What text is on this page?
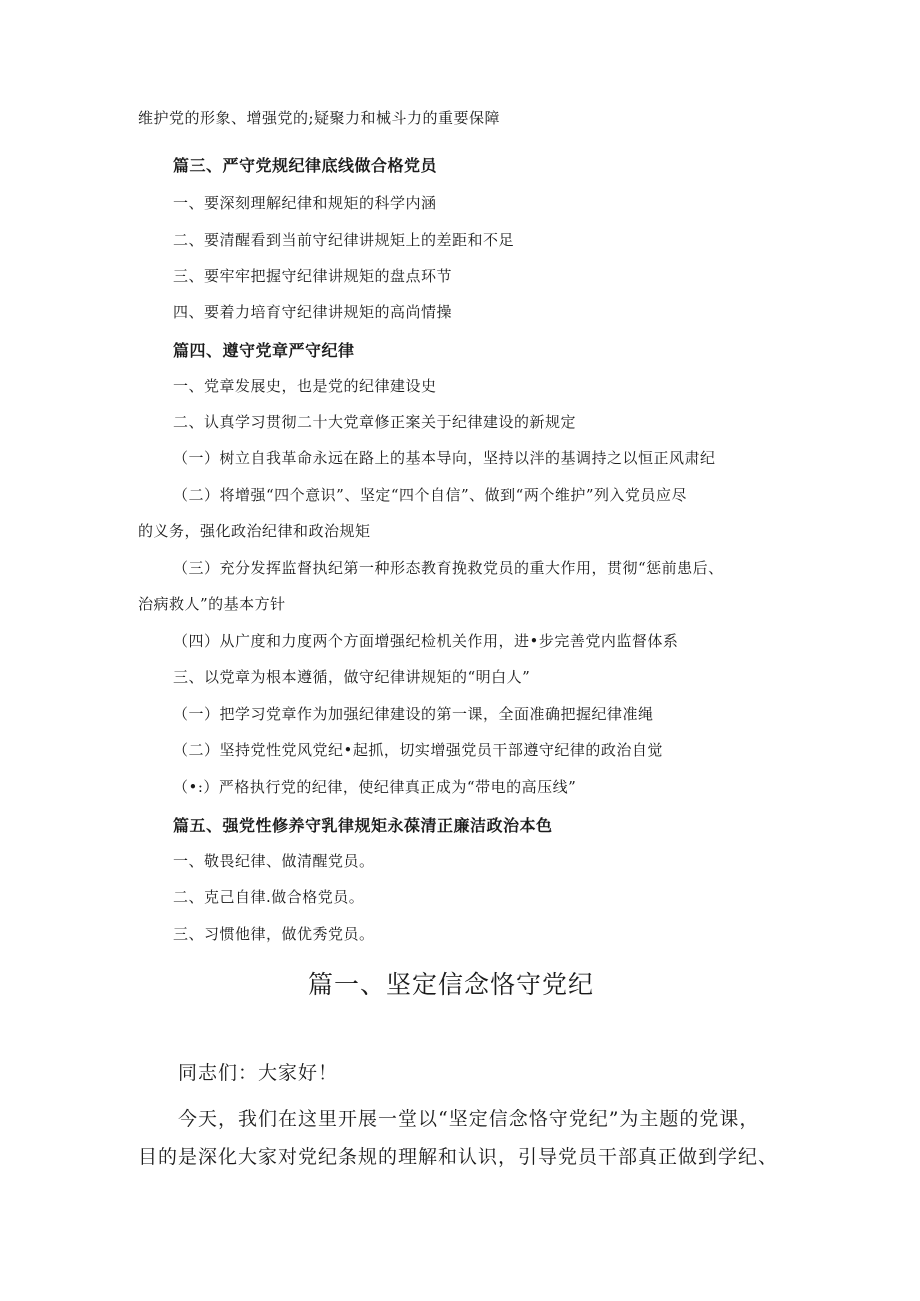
维护党的形象、增强党的;疑聚力和械斗力的重要保障
篇三、严守党规纪律底线做合格党员
一、要深刻理解纪律和规矩的科学内涵
二、要清醒看到当前守纪律讲规矩上的差距和不足
三、要牢牢把握守纪律讲规矩的盘点环节
四、要着力培育守纪律讲规矩的高尚情操
篇四、遵守党章严守纪律
一、党章发展史，也是党的纪律建设史
二、认真学习贯彻二十大党章修正案关于纪律建设的新规定
（一）树立自我革命永远在路上的基本导向，坚持以泮的基调持之以恒正风肃纪
（二）将增强“四个意识”、坚定“四个自信”、做到“两个维护”列入党员应尽
的义务，强化政治纪律和政治规矩
（三）充分发挥监督执纪第一种形态教育挽救党员的重大作用，贯彻“惩前患后、
治病救人”的基本方针
（四）从广度和力度两个方面增强纪检机关作用，进•步完善党内监督体系
三、以党章为根本遵循，做守纪律讲规矩的“明白人”
（一）把学习党章作为加强纪律建设的第一课，全面准确把握纪律准绳
（二）坚持党性党风党纪•起抓，切实增强党员干部遵守纪律的政治自觉
（•:）严格执行党的纪律，使纪律真正成为“带电的高压线”
篇五、强党性修养守乳律规矩永葆清正廉洁政治本色
一、敬畏纪律、做清醒党员。
二、克己自律.做合格党员。
三、习惯他律，做优秀党员。
篇一、坚定信念恪守党纪
同志们：大家好！
今天，我们在这里开展一堂以“坚定信念恪守党纪”为主题的党课，
目的是深化大家对党纪条规的理解和认识，引导党员干部真正做到学纪、
